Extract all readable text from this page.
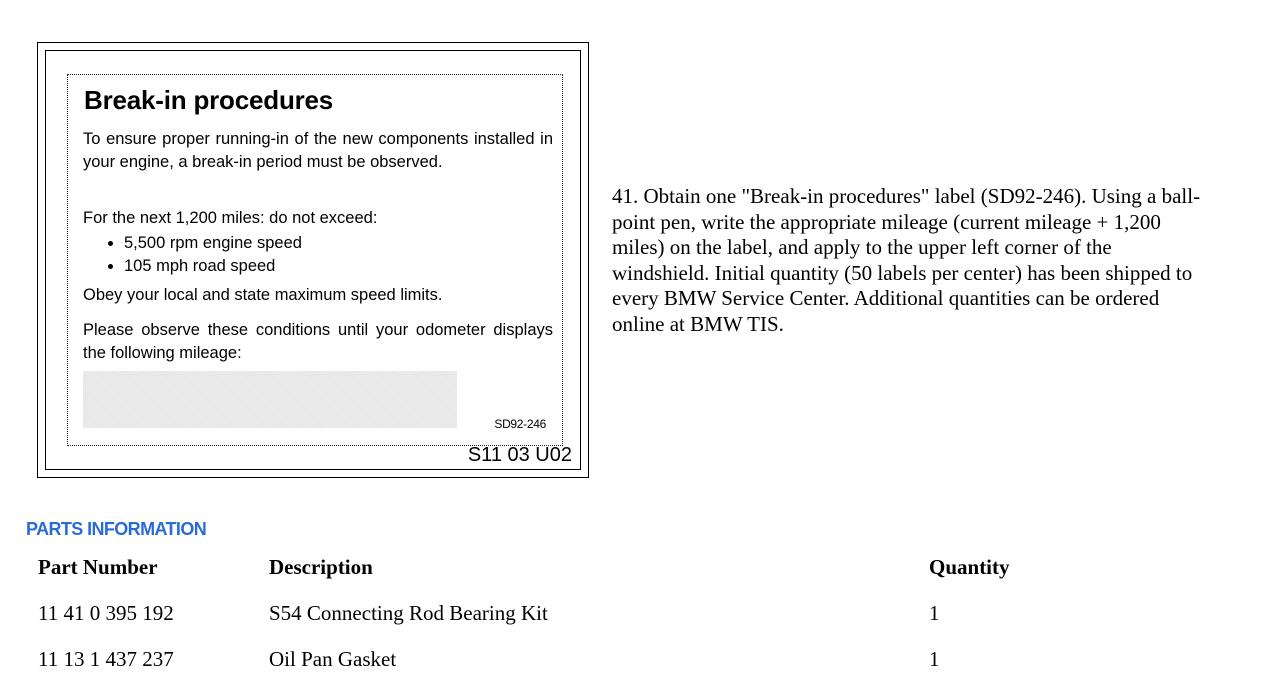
Break-in procedures
To ensure proper running-in of the new components installed in your engine, a break-in period must be observed.
For the next 1,200 miles: do not exceed:
• 5,500 rpm engine speed
• 105 mph road speed
Obey your local and state maximum speed limits.
Please observe these conditions until your odometer displays the following mileage:
SD92-246
S11 03 U02
41. Obtain one "Break-in procedures" label (SD92-246). Using a ball-point pen, write the appropriate mileage (current mileage + 1,200 miles) on the label, and apply to the upper left corner of the windshield. Initial quantity (50 labels per center) has been shipped to every BMW Service Center. Additional quantities can be ordered online at BMW TIS.
PARTS INFORMATION
Part Number	Description	Quantity
11 41 0 395 192	S54 Connecting Rod Bearing Kit	1
11 13 1 437 237	Oil Pan Gasket	1
